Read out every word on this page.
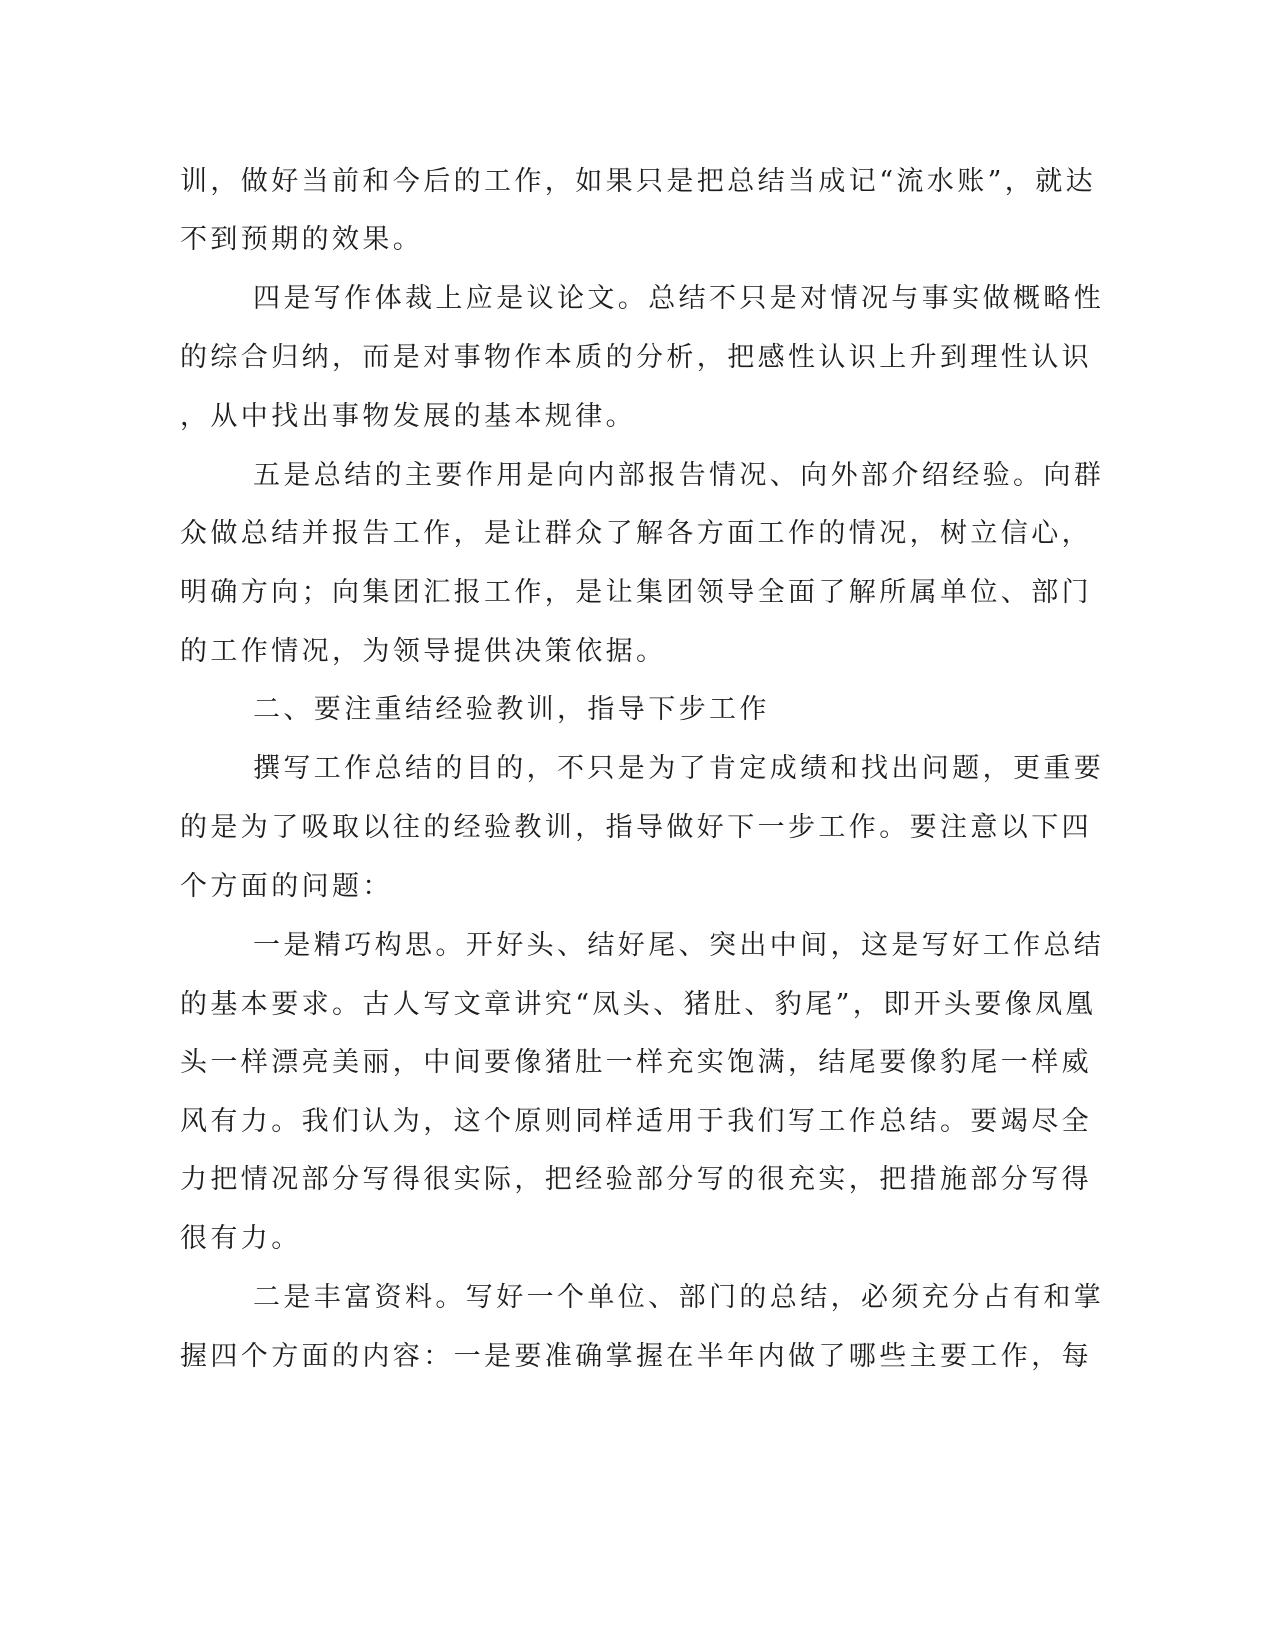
训，做好当前和今后的工作，如果只是把总结当成记“流水账”，就达
不到预期的效果。
四是写作体裁上应是议论文。总结不只是对情况与事实做概略性
的综合归纳，而是对事物作本质的分析，把感性认识上升到理性认识
，从中找出事物发展的基本规律。
五是总结的主要作用是向内部报告情况、向外部介绍经验。向群
众做总结并报告工作，是让群众了解各方面工作的情况，树立信心，
明确方向；向集团汇报工作，是让集团领导全面了解所属单位、部门
的工作情况，为领导提供决策依据。
二、要注重结经验教训，指导下步工作
撰写工作总结的目的，不只是为了肯定成绩和找出问题，更重要
的是为了吸取以往的经验教训，指导做好下一步工作。要注意以下四
个方面的问题：
一是精巧构思。开好头、结好尾、突出中间，这是写好工作总结
的基本要求。古人写文章讲究“凤头、猪肚、豹尾”，即开头要像凤凰
头一样漂亮美丽，中间要像猪肚一样充实饱满，结尾要像豹尾一样威
风有力。我们认为，这个原则同样适用于我们写工作总结。要竭尽全
力把情况部分写得很实际，把经验部分写的很充实，把措施部分写得
很有力。
二是丰富资料。写好一个单位、部门的总结，必须充分占有和掌
握四个方面的内容：一是要准确掌握在半年内做了哪些主要工作，每
